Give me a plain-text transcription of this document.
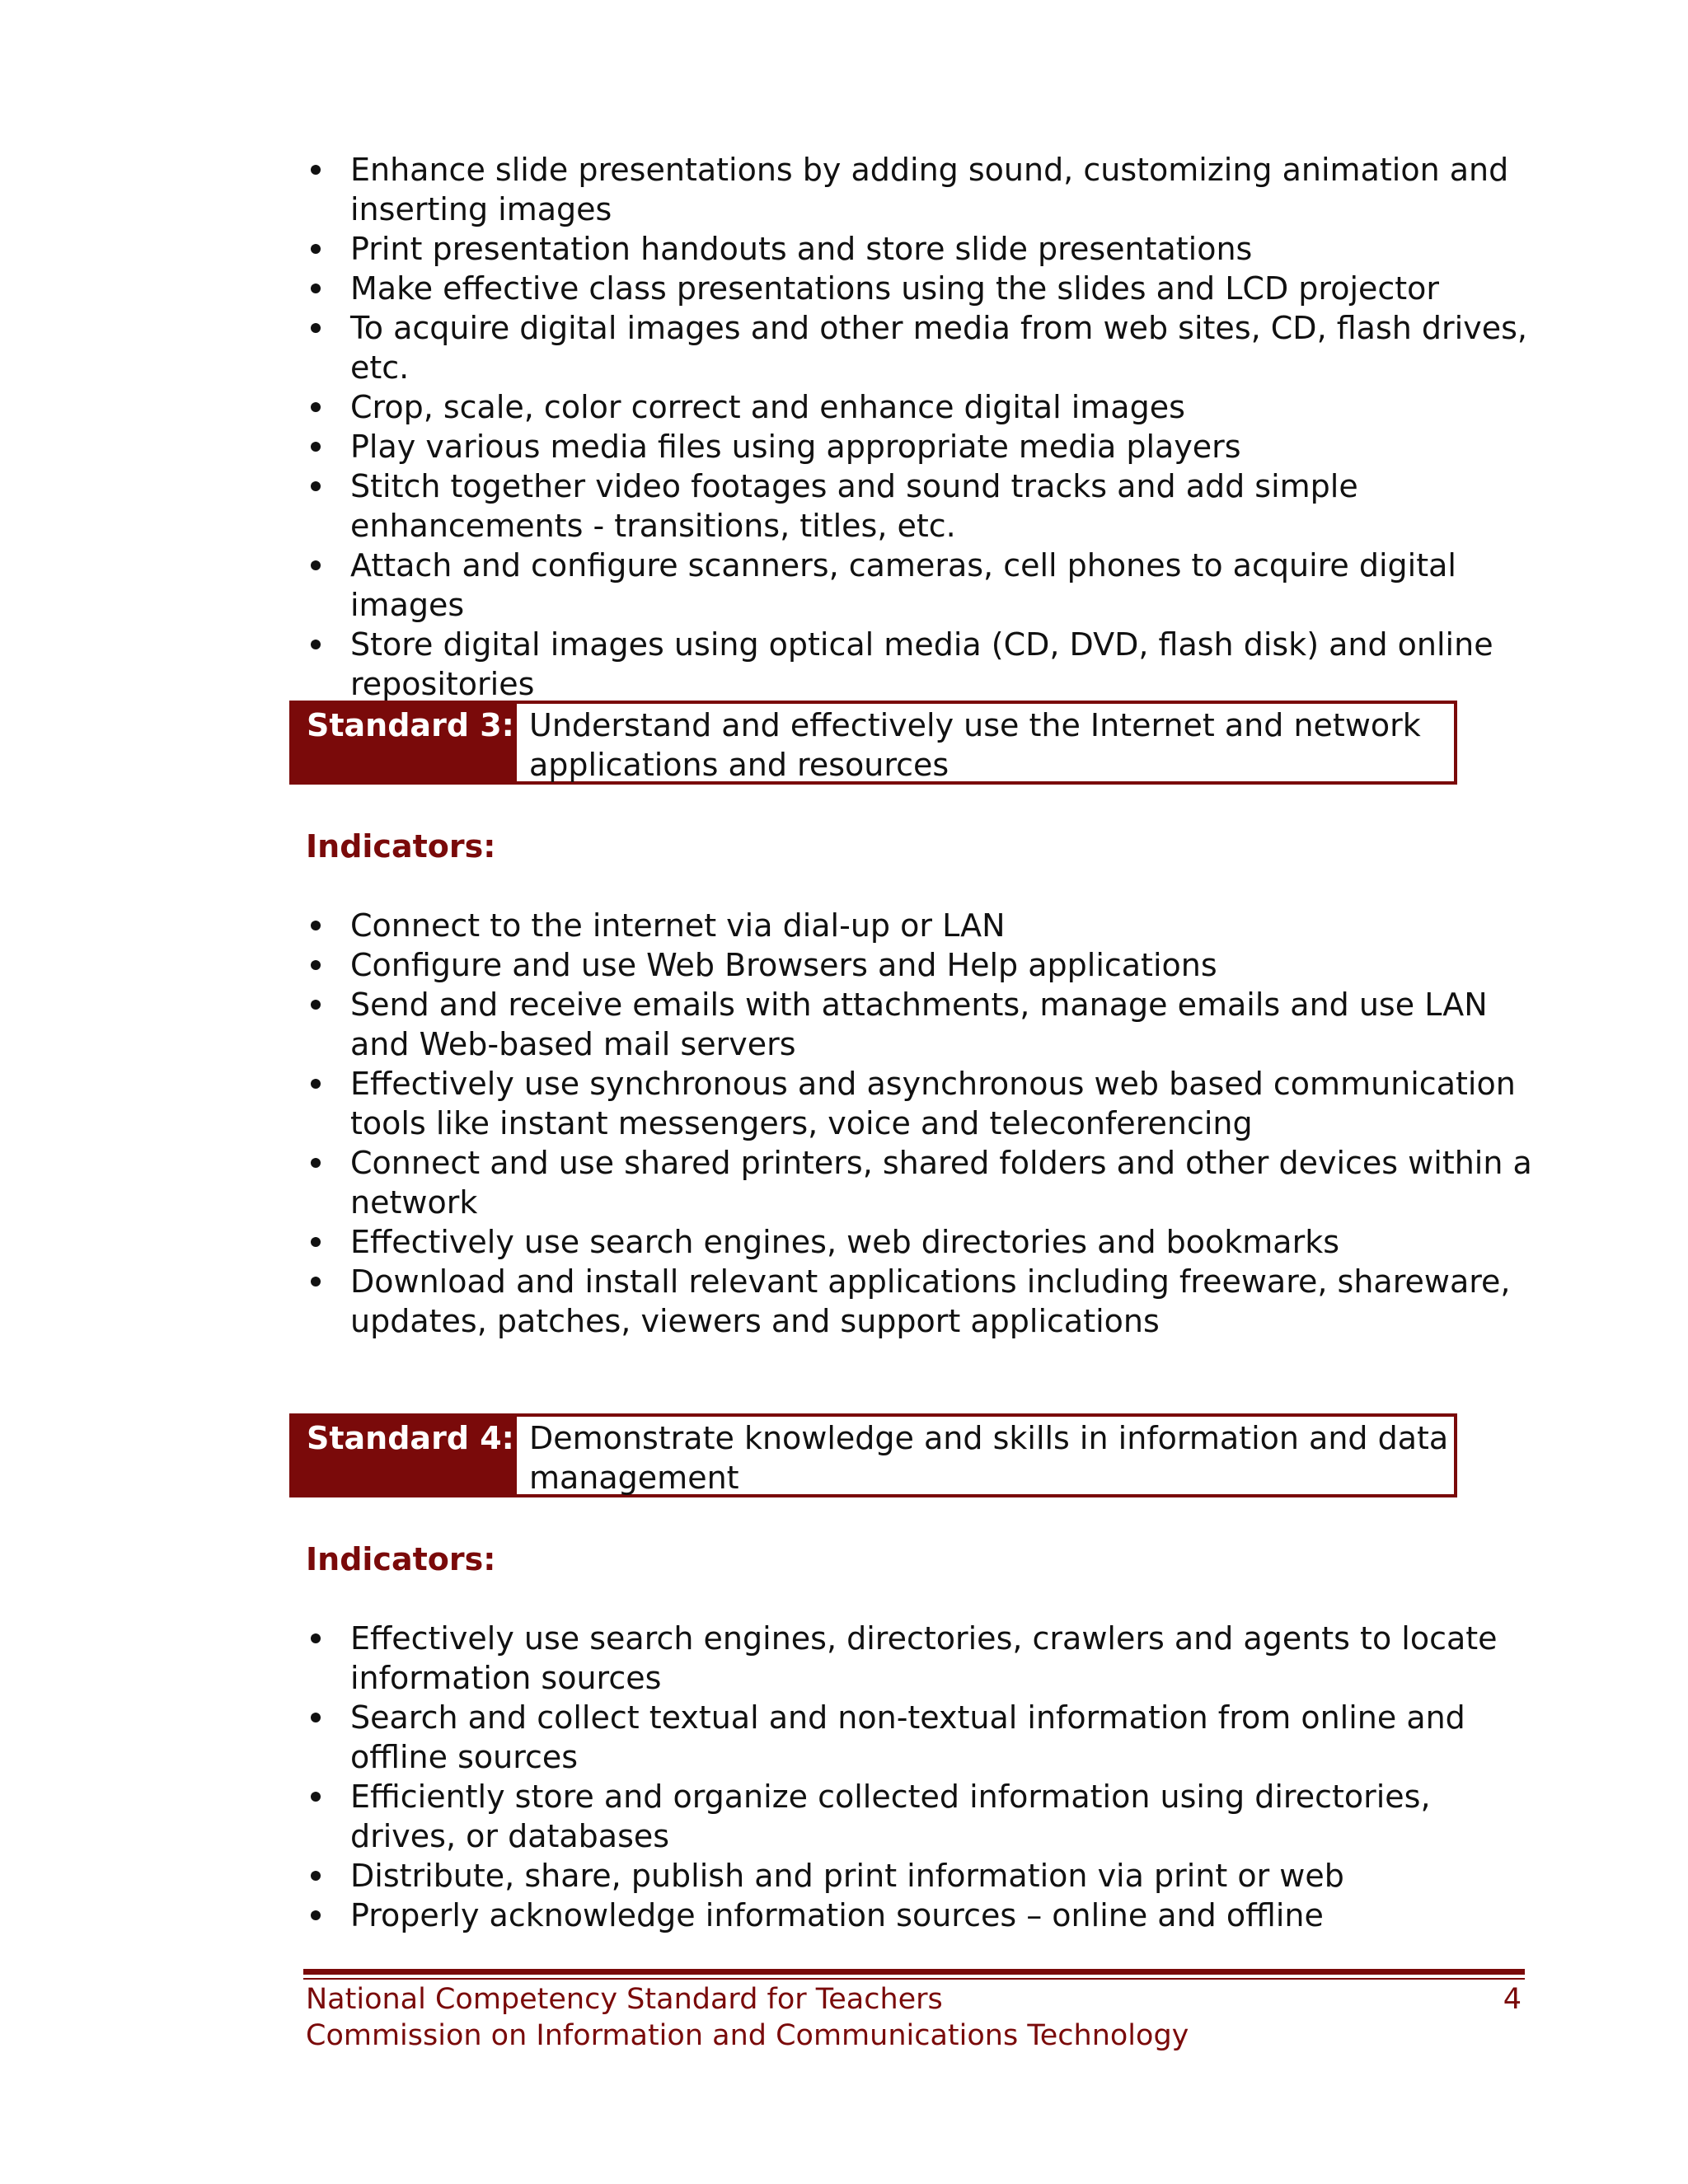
Enhance slide presentations by adding sound, customizing animation and inserting images
Print presentation handouts and store slide presentations
Make effective class presentations using the slides and LCD projector
To acquire digital images and other media from web sites, CD, flash drives, etc.
Crop, scale, color correct and enhance digital images
Play various media files using appropriate media players
Stitch together video footages and sound tracks and add simple enhancements - transitions, titles, etc.
Attach and configure scanners, cameras, cell phones to acquire digital images
Store digital images using optical media (CD, DVD, flash disk) and online repositories
Standard 3: Understand and effectively use the Internet and network applications and resources
Indicators:
Connect to the internet via dial-up or LAN
Configure and use Web Browsers and Help applications
Send and receive emails with attachments, manage emails and use LAN and Web-based mail servers
Effectively use synchronous and asynchronous web based communication tools like instant messengers, voice and teleconferencing
Connect and use shared printers, shared folders and other devices within a network
Effectively use search engines, web directories and bookmarks
Download and install relevant applications including freeware, shareware, updates, patches, viewers and support applications
Standard 4: Demonstrate knowledge and skills in information and data management
Indicators:
Effectively use search engines, directories, crawlers and agents to locate information sources
Search and collect textual and non-textual information from online and offline sources
Efficiently store and organize collected information using directories, drives, or databases
Distribute, share, publish and print information via print or web
Properly acknowledge information sources – online and offline
National Competency Standard for Teachers
Commission on Information and Communications Technology
4
